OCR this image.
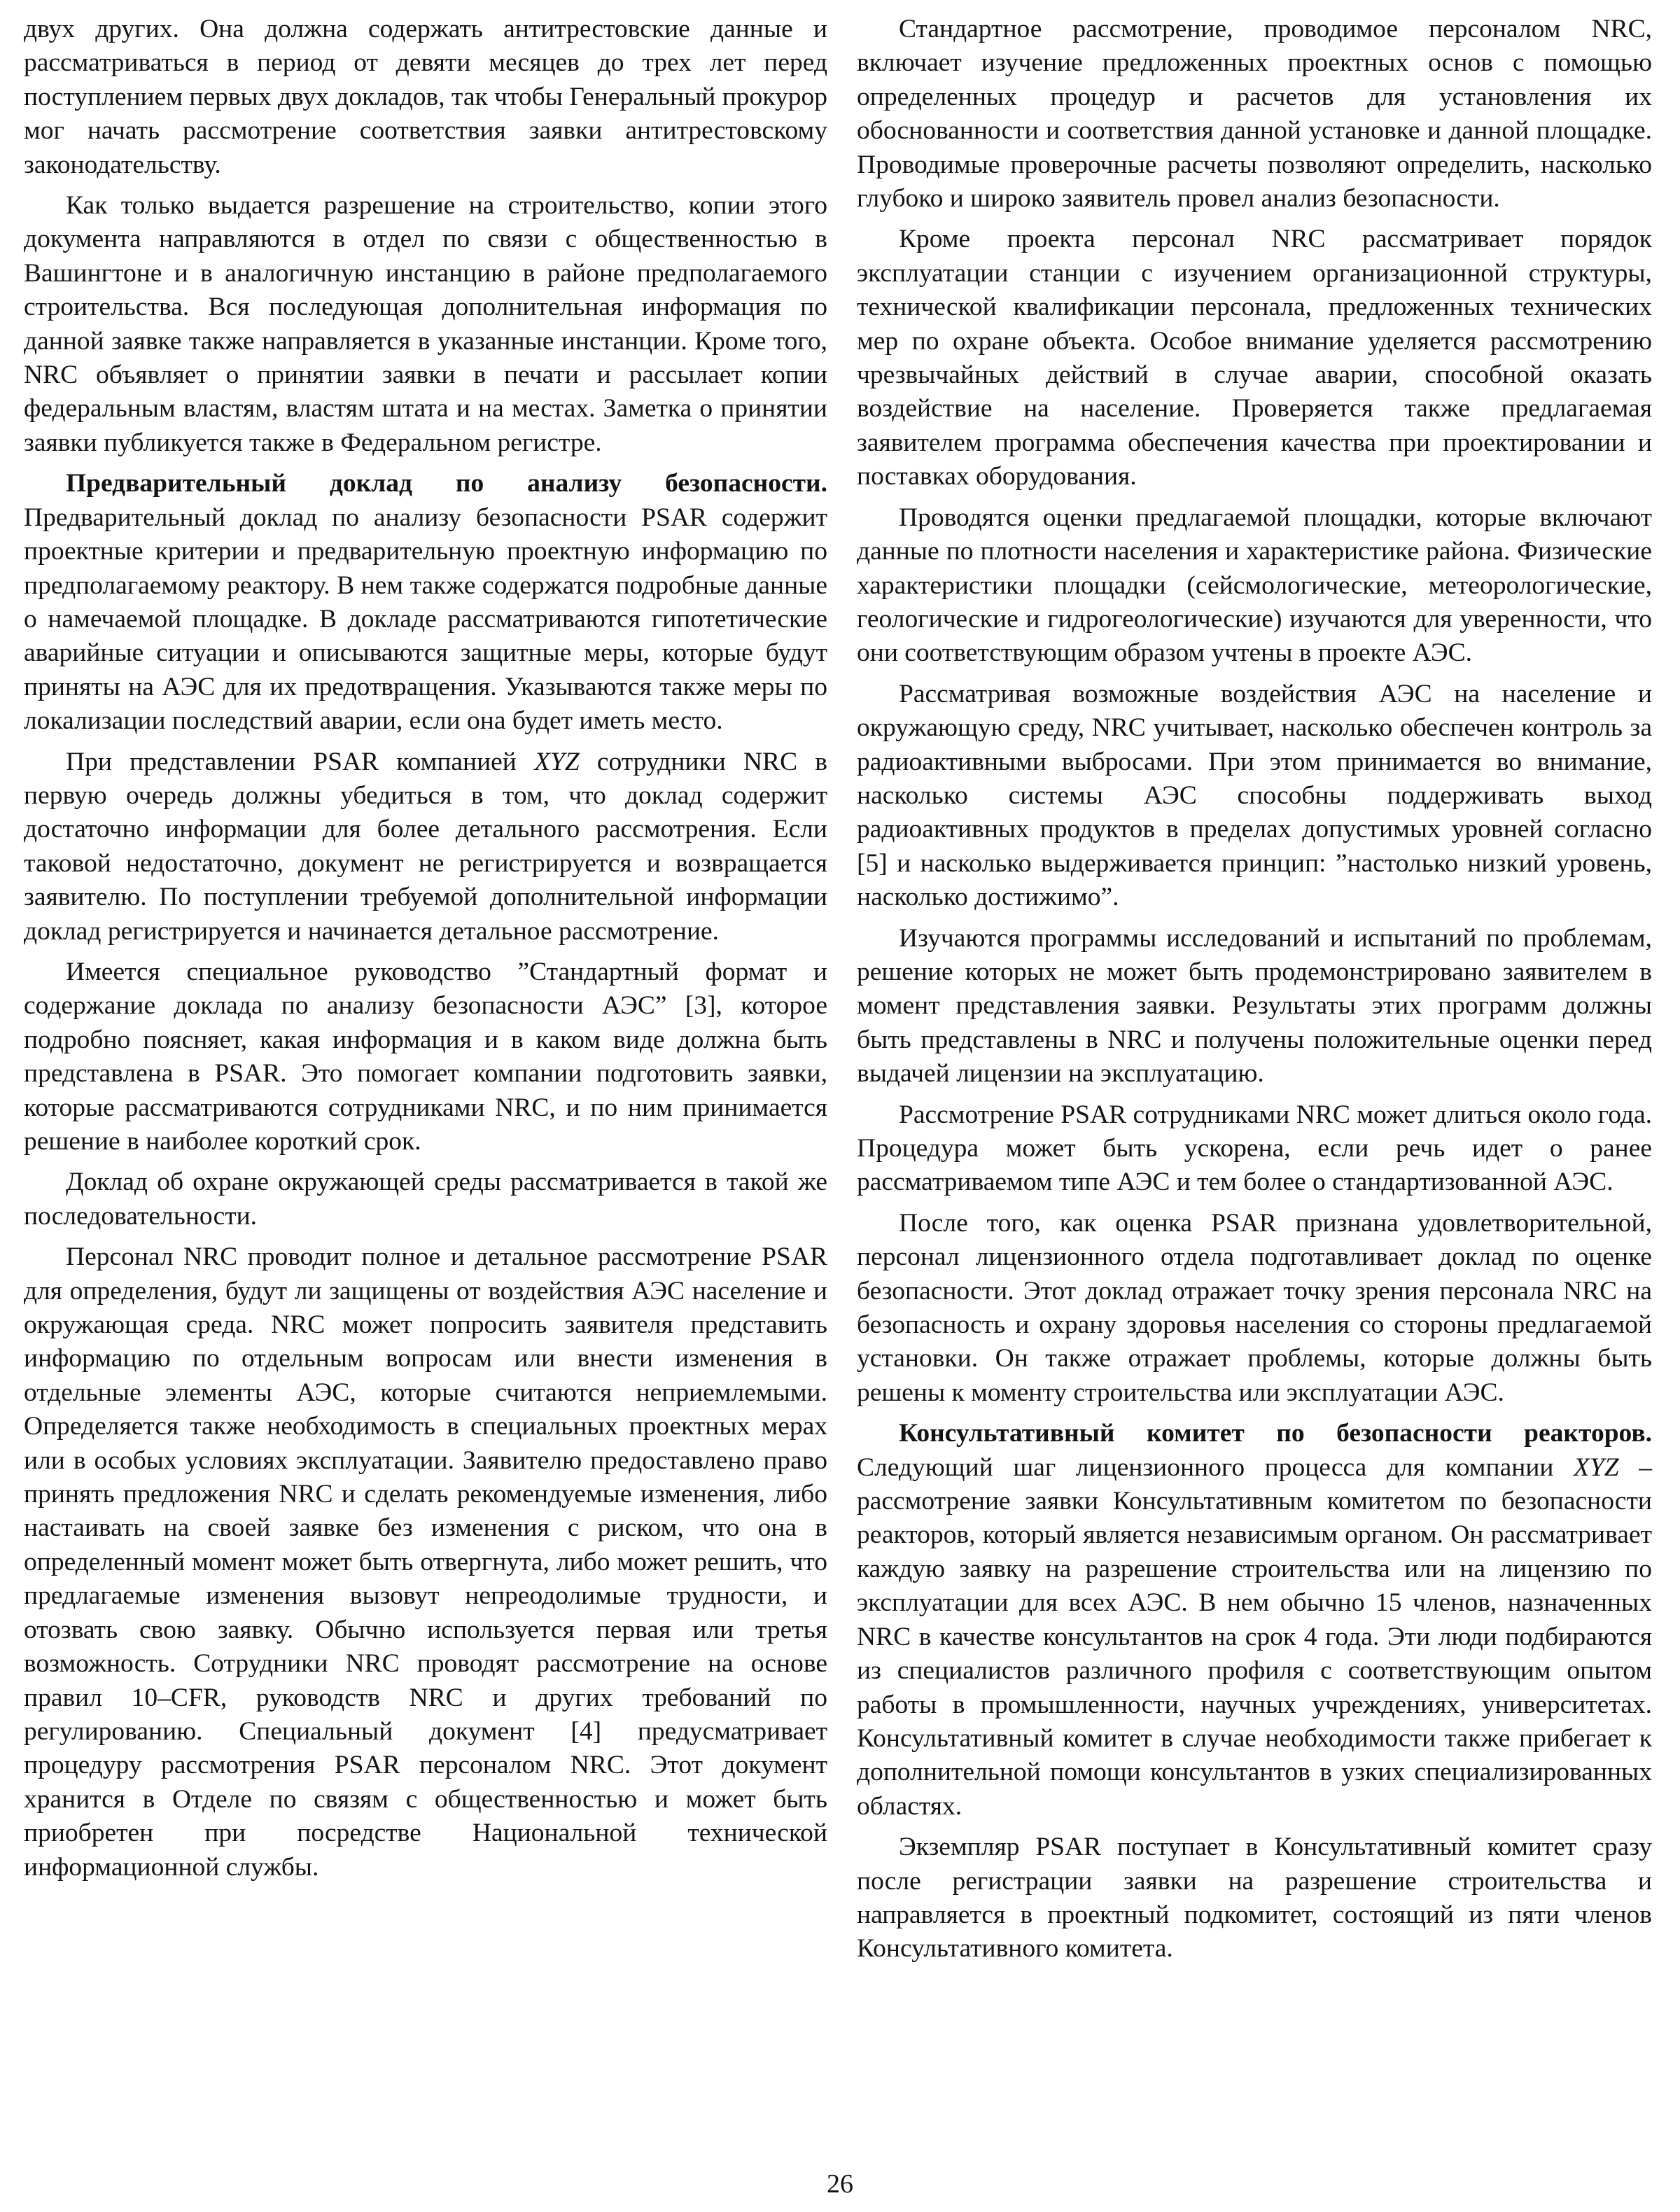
двух других. Она должна содержать антитрестовские данные и рассматриваться в период от девяти месяцев до трех лет перед поступлением первых двух докладов, так чтобы Генеральный прокурор мог начать рассмотрение соответствия заявки антитрестовскому законодательству.

Как только выдается разрешение на строительство, копии этого документа направляются в отдел по связи с общественностью в Вашингтоне и в аналогичную инстанцию в районе предполагаемого строительства. Вся последующая дополнительная информация по данной заявке также направляется в указанные инстанции. Кроме того, NRC объявляет о принятии заявки в печати и рассылает копии федеральным властям, властям штата и на местах. Заметка о принятии заявки публикуется также в Федеральном регистре.

Предварительный доклад по анализу безопасности. Предварительный доклад по анализу безопасности PSAR содержит проектные критерии и предварительную проектную информацию по предполагаемому реактору. В нем также содержатся подробные данные о намечаемой площадке. В докладе рассматриваются гипотетические аварийные ситуации и описываются защитные меры, которые будут приняты на АЭС для их предотвращения. Указываются также меры по локализации последствий аварии, если она будет иметь место.

При представлении PSAR компанией XYZ сотрудники NRC в первую очередь должны убедиться в том, что доклад содержит достаточно информации для более детального рассмотрения. Если таковой недостаточно, документ не регистрируется и возвращается заявителю. По поступлении требуемой дополнительной информации доклад регистрируется и начинается детальное рассмотрение.

Имеется специальное руководство ”Стандартный формат и содержание доклада по анализу безопасности АЭС” [3], которое подробно поясняет, какая информация и в каком виде должна быть представлена в PSAR. Это помогает компании подготовить заявки, которые рассматриваются сотрудниками NRC, и по ним принимается решение в наиболее короткий срок.

Доклад об охране окружающей среды рассматривается в такой же последовательности.

Персонал NRC проводит полное и детальное рассмотрение PSAR для определения, будут ли защищены от воздействия АЭС население и окружающая среда. NRC может попросить заявителя представить информацию по отдельным вопросам или внести изменения в отдельные элементы АЭС, которые считаются неприемлемыми. Определяется также необходимость в специальных проектных мерах или в особых условиях эксплуатации. Заявителю предоставлено право принять предложения NRC и сделать рекомендуемые изменения, либо настаивать на своей заявке без изменения с риском, что она в определенный момент может быть отвергнута, либо может решить, что предлагаемые изменения вызовут непреодолимые трудности, и отозвать свою заявку. Обычно используется первая или третья возможность. Сотрудники NRC проводят рассмотрение на основе правил 10–CFR, руководств NRC и других требований по регулированию. Специальный документ [4] предусматривает процедуру рассмотрения PSAR персоналом NRC. Этот документ хранится в Отделе по связям с общественностью и может быть приобретен при посредстве Национальной технической информационной службы.

Стандартное рассмотрение, проводимое персоналом NRC, включает изучение предложенных проектных основ с помощью определенных процедур и расчетов для установления их обоснованности и соответствия данной установке и данной площадке. Проводимые проверочные расчеты позволяют определить, насколько глубоко и широко заявитель провел анализ безопасности.

Кроме проекта персонал NRC рассматривает порядок эксплуатации станции с изучением организационной структуры, технической квалификации персонала, предложенных технических мер по охране объекта. Особое внимание уделяется рассмотрению чрезвычайных действий в случае аварии, способной оказать воздействие на население. Проверяется также предлагаемая заявителем программа обеспечения качества при проектировании и поставках оборудования.

Проводятся оценки предлагаемой площадки, которые включают данные по плотности населения и характеристике района. Физические характеристики площадки (сейсмологические, метеорологические, геологические и гидрогеологические) изучаются для уверенности, что они соответствующим образом учтены в проекте АЭС.

Рассматривая возможные воздействия АЭС на население и окружающую среду, NRC учитывает, насколько обеспечен контроль за радиоактивными выбросами. При этом принимается во внимание, насколько системы АЭС способны поддерживать выход радиоактивных продуктов в пределах допустимых уровней согласно [5] и насколько выдерживается принцип: ”настолько низкий уровень, насколько достижимо”.

Изучаются программы исследований и испытаний по проблемам, решение которых не может быть продемонстрировано заявителем в момент представления заявки. Результаты этих программ должны быть представлены в NRC и получены положительные оценки перед выдачей лицензии на эксплуатацию.

Рассмотрение PSAR сотрудниками NRC может длиться около года. Процедура может быть ускорена, если речь идет о ранее рассматриваемом типе АЭС и тем более о стандартизованной АЭС.

После того, как оценка PSAR признана удовлетворительной, персонал лицензионного отдела подготавливает доклад по оценке безопасности. Этот доклад отражает точку зрения персонала NRC на безопасность и охрану здоровья населения со стороны предлагаемой установки. Он также отражает проблемы, которые должны быть решены к моменту строительства или эксплуатации АЭС.

Консультативный комитет по безопасности реакторов. Следующий шаг лицензионного процесса для компании XYZ – рассмотрение заявки Консультативным комитетом по безопасности реакторов, который является независимым органом. Он рассматривает каждую заявку на разрешение строительства или на лицензию по эксплуатации для всех АЭС. В нем обычно 15 членов, назначенных NRC в качестве консультантов на срок 4 года. Эти люди подбираются из специалистов различного профиля с соответствующим опытом работы в промышленности, научных учреждениях, университетах. Консультативный комитет в случае необходимости также прибегает к дополнительной помощи консультантов в узких специализированных областях.

Экземпляр PSAR поступает в Консультативный комитет сразу после регистрации заявки на разрешение строительства и направляется в проектный подкомитет, состоящий из пяти членов Консультативного комитета.

26
